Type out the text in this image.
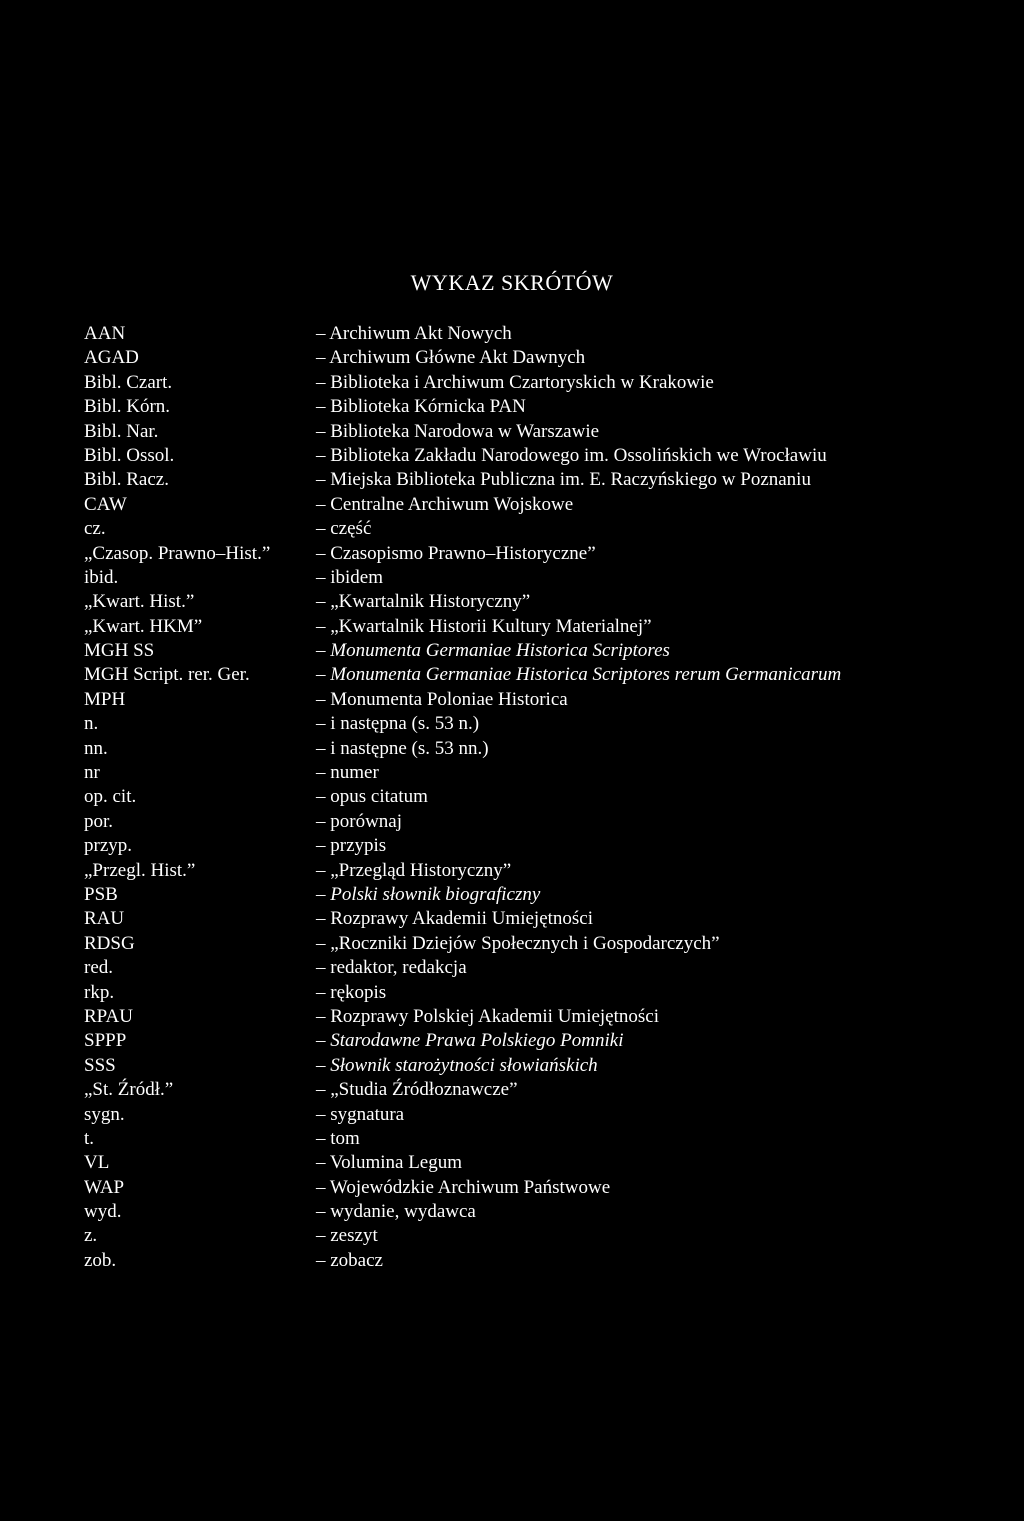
WYKAZ SKRÓTÓW
AAN	– Archiwum Akt Nowych
AGAD	– Archiwum Główne Akt Dawnych
Bibl. Czart.	– Biblioteka i Archiwum Czartoryskich w Krakowie
Bibl. Kórn.	– Biblioteka Kórnicka PAN
Bibl. Nar.	– Biblioteka Narodowa w Warszawie
Bibl. Ossol.	– Biblioteka Zakładu Narodowego im. Ossolińskich we Wrocławiu
Bibl. Racz.	– Miejska Biblioteka Publiczna im. E. Raczyńskiego w Poznaniu
CAW	– Centralne Archiwum Wojskowe
cz.	– część
„Czasop. Prawno–Hist.”	– Czasopismo Prawno–Historyczne”
ibid.	– ibidem
„Kwart. Hist.”	– „Kwartalnik Historyczny”
„Kwart. HKM”	– „Kwartalnik Historii Kultury Materialnej”
MGH SS	– Monumenta Germaniae Historica Scriptores
MGH Script. rer. Ger.	– Monumenta Germaniae Historica Scriptores rerum Germanicarum
MPH	– Monumenta Poloniae Historica
n.	– i następna (s. 53 n.)
nn.	– i następne (s. 53 nn.)
nr	– numer
op. cit.	– opus citatum
por.	– porównaj
przyp.	– przypis
„Przegl. Hist.”	– „Przegląd Historyczny”
PSB	– Polski słownik biograficzny
RAU	– Rozprawy Akademii Umiejętności
RDSG	– „Roczniki Dziejów Społecznych i Gospodarczych”
red.	– redaktor, redakcja
rkp.	– rękopis
RPAU	– Rozprawy Polskiej Akademii Umiejętności
SPPP	– Starodawne Prawa Polskiego Pomniki
SSS	– Słownik starożytności słowiańskich
„St. Źródł.”	– „Studia Źródłoznawcze”
sygn.	– sygnatura
t.	– tom
VL	– Volumina Legum
WAP	– Wojewódzkie Archiwum Państwowe
wyd.	– wydanie, wydawca
z.	– zeszyt
zob.	– zobacz
